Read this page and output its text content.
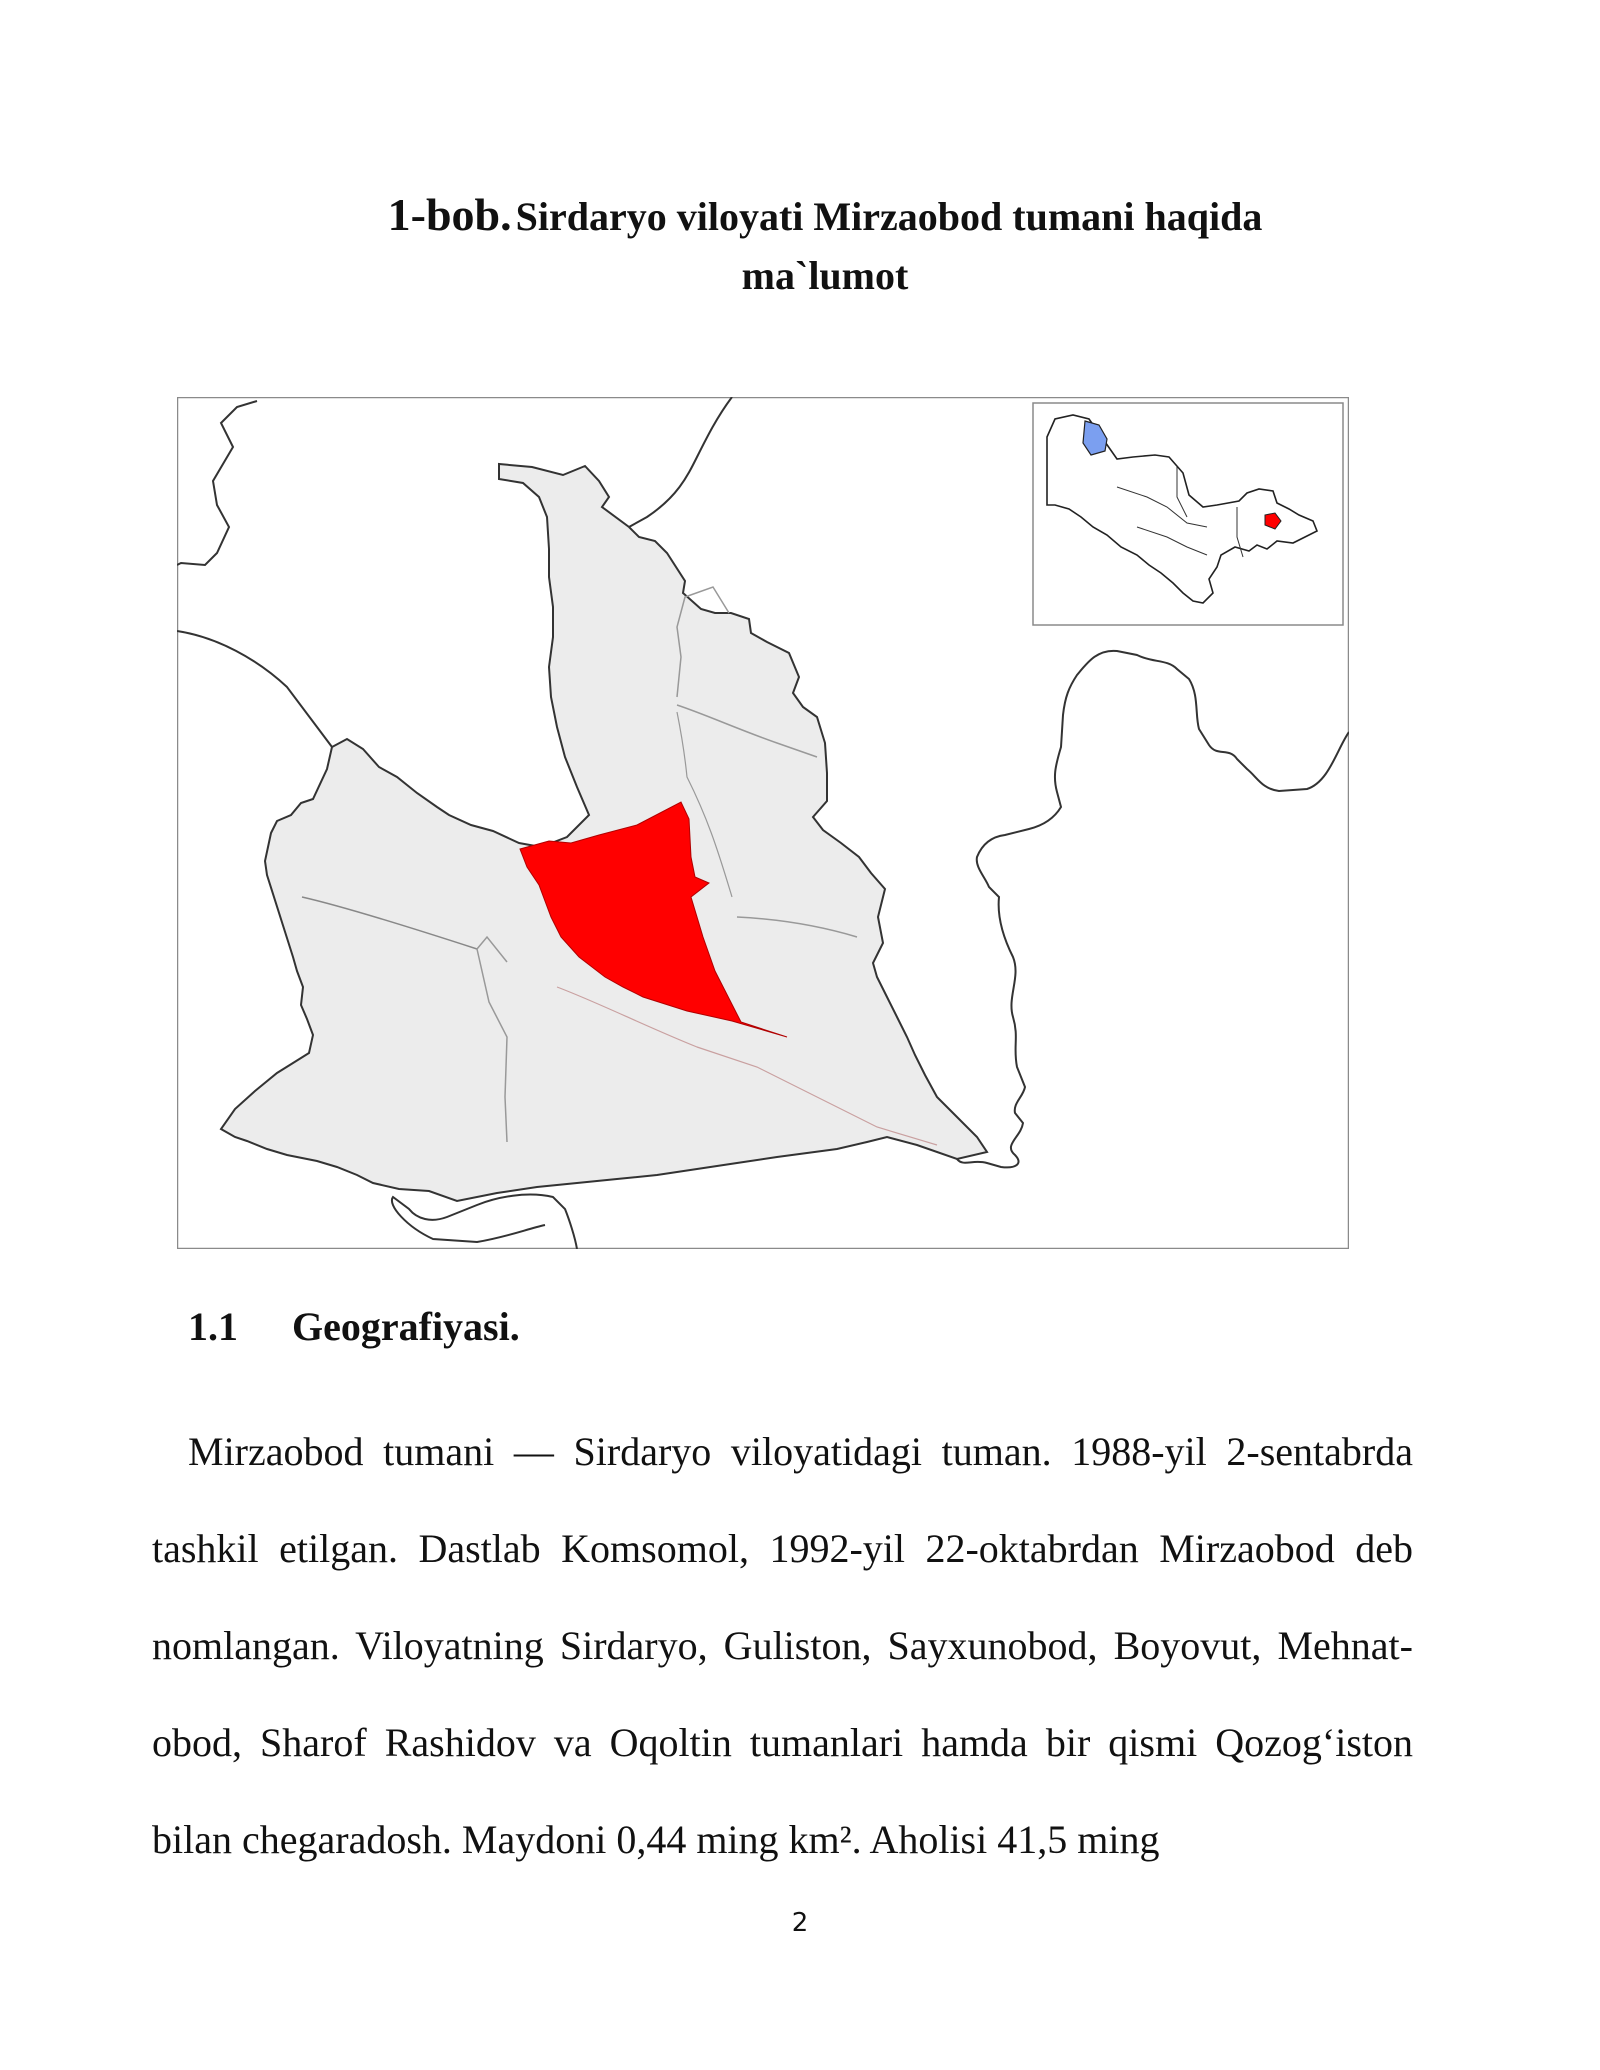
1-bob. Sirdaryo viloyati Mirzaobod tumani haqida ma`lumot
1.1 Geografiyasi.

Mirzaobod tumani — Sirdaryo viloyatidagi tuman. 1988-yil 2-sentabrda tashkil etilgan. Dastlab Komsomol, 1992-yil 22-oktabrdan Mirzaobod deb nomlangan. Viloyatning Sirdaryo, Guliston, Sayxunobod, Boyovut, Mehnat-obod, Sharof Rashidov va Oqoltin tumanlari hamda bir qismi Qozog‘iston bilan chegaradosh. Maydoni 0,44 ming km². Aholisi 41,5 ming

2
